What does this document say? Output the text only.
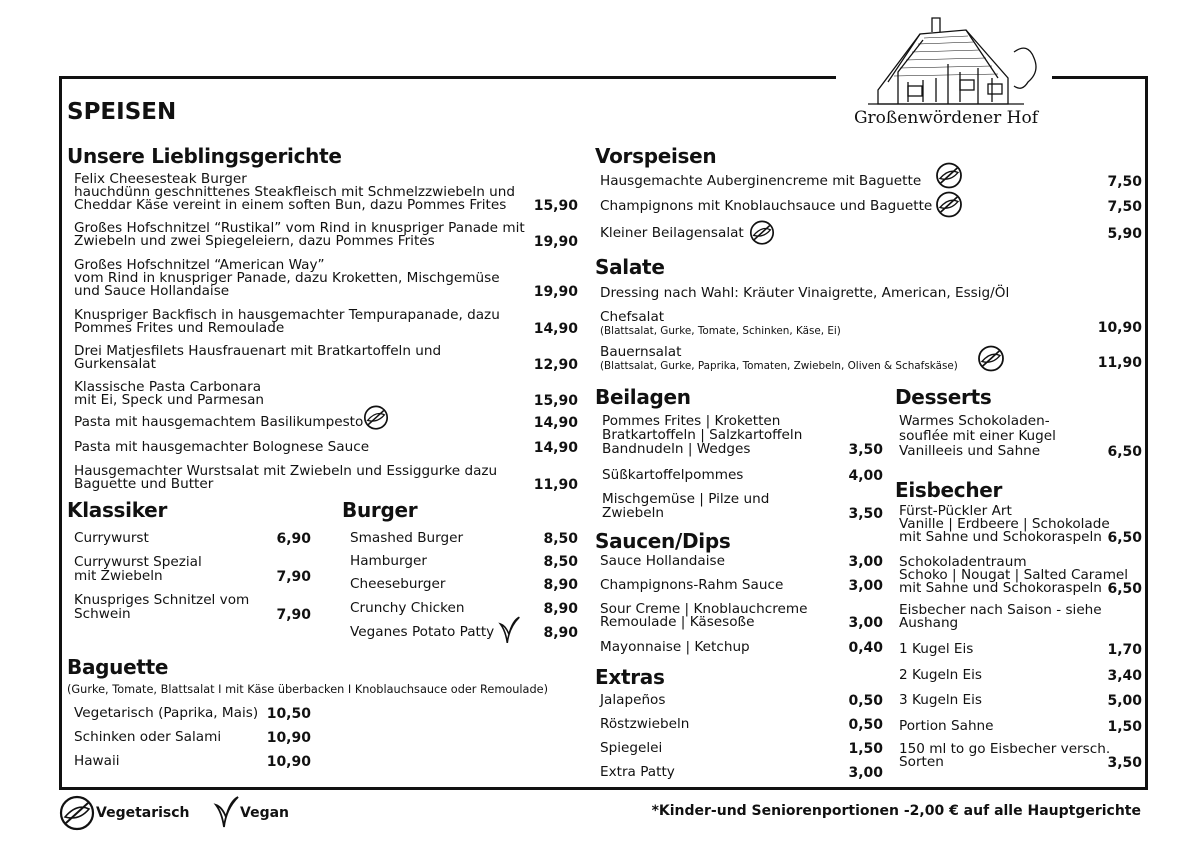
Großenwördener Hof
SPEISEN
Unsere Lieblingsgerichte
Klassiker	Burger
Baguette
(Gurke, Tomate, Blattsalat I mit Käse überbacken I Knoblauchsauce oder Remoulade)
Vorspeisen
Salate
Dressing nach Wahl: Kräuter Vinaigrette, American, Essig/Öl
Beilagen
Saucen/Dips
Extras
Desserts
Eisbecher
Felix Cheesesteak Burger
hauchdünn geschnittenes Steakfleisch mit Schmelzzwiebeln und
Cheddar Käse vereint in einem soften Bun, dazu Pommes Frites	15,90
Großes Hofschnitzel “Rustikal” vom Rind in knuspriger Panade mit
Zwiebeln und zwei Spiegeleiern, dazu Pommes Frites	19,90
Großes Hofschnitzel “American Way”
vom Rind in knuspriger Panade, dazu Kroketten, Mischgemüse
und Sauce Hollandaise	19,90
Knuspriger Backfisch in hausgemachter Tempurapanade, dazu
Pommes Frites und Remoulade	14,90
Drei Matjesfilets Hausfrauenart mit Bratkartoffeln und
Gurkensalat	12,90
Klassische Pasta Carbonara
mit Ei, Speck und Parmesan	15,90
Pasta mit hausgemachtem Basilikumpesto	14,90
Pasta mit hausgemachter Bolognese Sauce	14,90
Hausgemachter Wurstsalat mit Zwiebeln und Essiggurke dazu
Baguette und Butter	11,90
Currywurst	6,90
Currywurst Spezial
mit Zwiebeln	7,90
Knuspriges Schnitzel vom
Schwein	7,90
Smashed Burger	8,50
Hamburger	8,50
Cheeseburger	8,90
Crunchy Chicken	8,90
Veganes Potato Patty	8,90
Vegetarisch (Paprika, Mais) 10,50
Schinken oder Salami	10,90
Hawaii	10,90
Hausgemachte Auberginencreme mit Baguette	7,50
Champignons mit Knoblauchsauce und Baguette	7,50
Kleiner Beilagensalat	5,90
Pommes Frites | Kroketten
Bratkartoffeln | Salzkartoffeln
Bandnudeln | Wedges	3,50
Süßkartoffelpommes	4,00
Mischgemüse | Pilze und
Zwiebeln	3,50
Sauce Hollandaise	3,00
Champignons-Rahm Sauce	3,00
Sour Creme | Knoblauchcreme
Remoulade | Käsesoße	3,00
Mayonnaise | Ketchup	0,40
Jalapeños	0,50
Röstzwiebeln	0,50
Spiegelei	1,50
Extra Patty	3,00
Warmes Schokoladen-
souflée mit einer Kugel
Vanilleeis und Sahne	6,50
Fürst-Pückler Art
Vanille | Erdbeere | Schokolade
mit Sahne und Schokoraspeln 6,50
Schokoladentraum
Schoko | Nougat | Salted Caramel
mit Sahne und Schokoraspeln 6,50
Eisbecher nach Saison - siehe
Aushang
1 Kugel Eis	1,70
2 Kugeln Eis	3,40
3 Kugeln Eis	5,00
Portion Sahne	1,50
150 ml to go Eisbecher versch.
Sorten	3,50
Chefsalat
(Blattsalat, Gurke, Tomate, Schinken, Käse, Ei)	10,90
Bauernsalat
(Blattsalat, Gurke, Paprika, Tomaten, Zwiebeln, Oliven & Schafskäse)	11,90
Vegetarisch	Vegan	*Kinder-und Seniorenportionen -2,00 € auf alle Hauptgerichte
